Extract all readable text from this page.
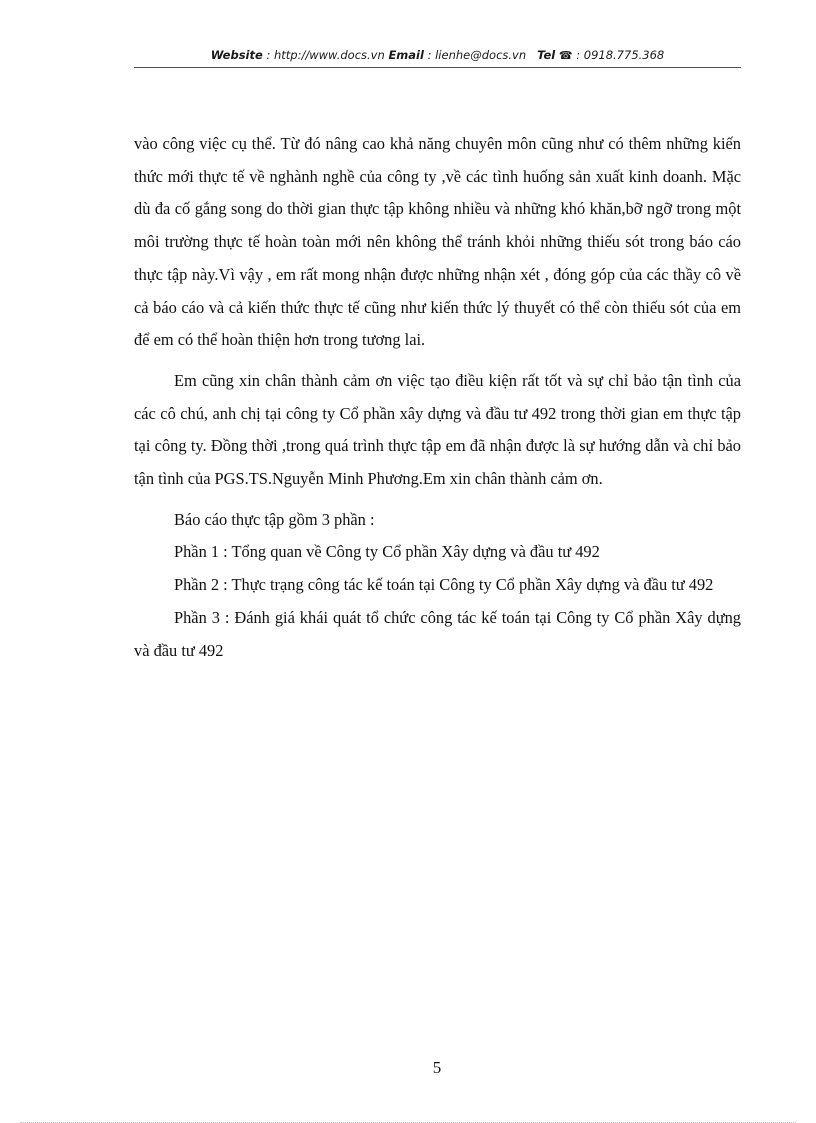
Website : http://www.docs.vn Email : lienhe@docs.vn Tel ☎ : 0918.775.368

vào công việc cụ thể. Từ đó nâng cao khả năng chuyên môn cũng như có thêm những kiến thức mới thực tế về nghành nghề của công ty ,về các tình huống sản xuất kinh doanh. Mặc dù đa cố gắng song do thời gian thực tập không nhiều và những khó khăn,bỡ ngỡ trong một môi trường thực tế hoàn toàn mới nên không thể tránh khỏi những thiếu sót trong báo cáo thực tập này.Vì vậy , em rất mong nhận được những nhận xét , đóng góp của các thầy cô về cả báo cáo và cả kiến thức thực tế cũng như kiến thức lý thuyết có thể còn thiếu sót của em để em có thể hoàn thiện hơn trong tương lai.

Em cũng xin chân thành cảm ơn việc tạo điều kiện rất tốt và sự chỉ bảo tận tình của các cô chú, anh chị tại công ty Cổ phần xây dựng và đầu tư 492 trong thời gian em thực tập tại công ty. Đồng thời ,trong quá trình thực tập em đã nhận được là sự hướng dẫn và chỉ bảo tận tình của PGS.TS.Nguyễn Minh Phương.Em xin chân thành cảm ơn.

Báo cáo thực tập gồm 3 phần :

Phần 1 : Tổng quan về Công ty Cổ phần Xây dựng và đầu tư 492

Phần 2 : Thực trạng công tác kế toán tại Công ty Cổ phần Xây dựng và đầu tư 492

Phần 3 : Đánh giá khái quát tổ chức công tác kế toán tại Công ty Cổ phần Xây dựng và đầu tư 492

5
